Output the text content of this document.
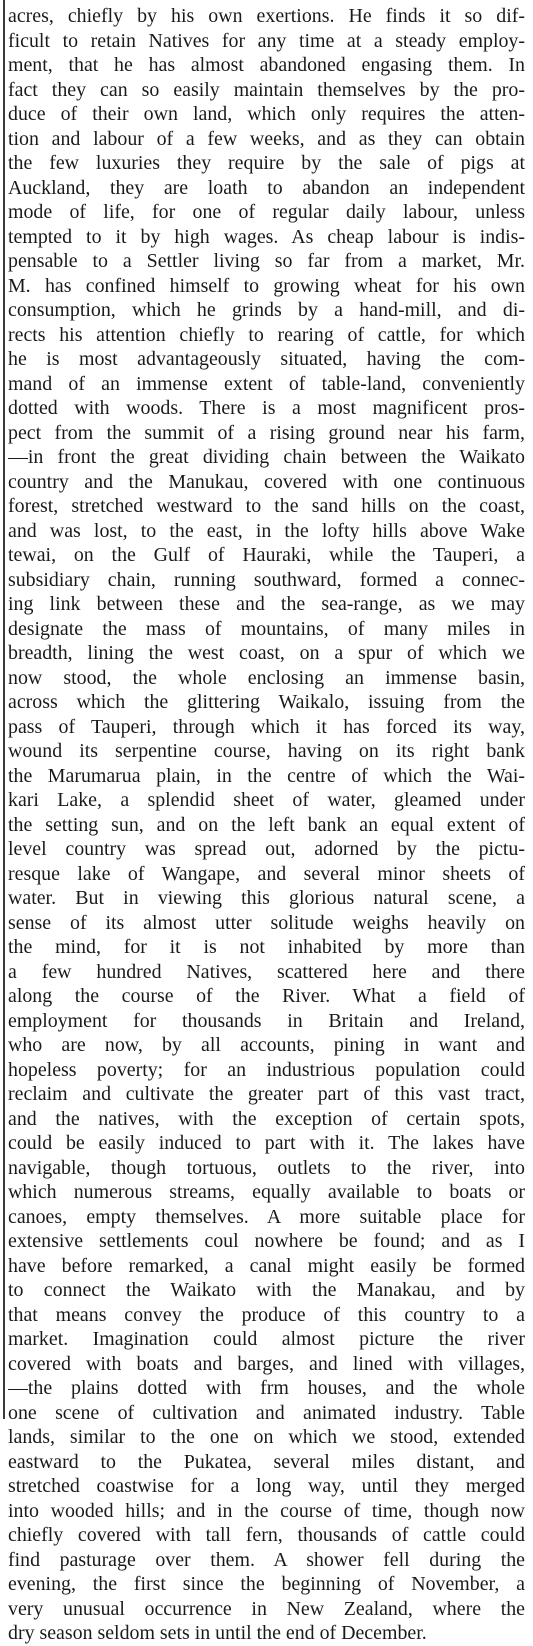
acres, chiefly by his own exertions. He finds it so dif-
ficult to retain Natives for any time at a steady employ-
ment, that he has almost abandoned engasing them. In
fact they can so easily maintain themselves by the pro-
duce of their own land, which only requires the atten-
tion and labour of a few weeks, and as they can obtain
the few luxuries they require by the sale of pigs at
Auckland, they are loath to abandon an independent
mode of life, for one of regular daily labour, unless
tempted to it by high wages. As cheap labour is indis-
pensable to a Settler living so far from a market, Mr.
M. has confined himself to growing wheat for his own
consumption, which he grinds by a hand-mill, and di-
rects his attention chiefly to rearing of cattle, for which
he is most advantageously situated, having the com-
mand of an immense extent of table-land, conveniently
dotted with woods. There is a most magnificent pros-
pect from the summit of a rising ground near his farm,
—in front the great dividing chain between the Waikato
country and the Manukau, covered with one continuous
forest, stretched westward to the sand hills on the coast,
and was lost, to the east, in the lofty hills above Wake
tewai, on the Gulf of Hauraki, while the Tauperi, a
subsidiary chain, running southward, formed a connec-
ing link between these and the sea-range, as we may
designate the mass of mountains, of many miles in
breadth, lining the west coast, on a spur of which we
now stood, the whole enclosing an immense basin,
across which the glittering Waikalo, issuing from the
pass of Tauperi, through which it has forced its way,
wound its serpentine course, having on its right bank
the Marumarua plain, in the centre of which the Wai-
kari Lake, a splendid sheet of water, gleamed under
the setting sun, and on the left bank an equal extent of
level country was spread out, adorned by the pictu-
resque lake of Wangape, and several minor sheets of
water. But in viewing this glorious natural scene, a
sense of its almost utter solitude weighs heavily on
the mind, for it is not inhabited by more than
a few hundred Natives, scattered here and there
along the course of the River. What a field of
employment for thousands in Britain and Ireland,
who are now, by all accounts, pining in want and
hopeless poverty; for an industrious population could
reclaim and cultivate the greater part of this vast tract,
and the natives, with the exception of certain spots,
could be easily induced to part with it. The lakes have
navigable, though tortuous, outlets to the river, into
which numerous streams, equally available to boats or
canoes, empty themselves. A more suitable place for
extensive settlements coul nowhere be found; and as I
have before remarked, a canal might easily be formed
to connect the Waikato with the Manakau, and by
that means convey the produce of this country to a
market. Imagination could almost picture the river
covered with boats and barges, and lined with villages,
—the plains dotted with frm houses, and the whole
one scene of cultivation and animated industry. Table
lands, similar to the one on which we stood, extended
eastward to the Pukatea, several miles distant, and
stretched coastwise for a long way, until they merged
into wooded hills; and in the course of time, though now
chiefly covered with tall fern, thousands of cattle could
find pasturage over them. A shower fell during the
evening, the first since the beginning of November, a
very unusual occurrence in New Zealand, where the
dry season seldom sets in until the end of December.
